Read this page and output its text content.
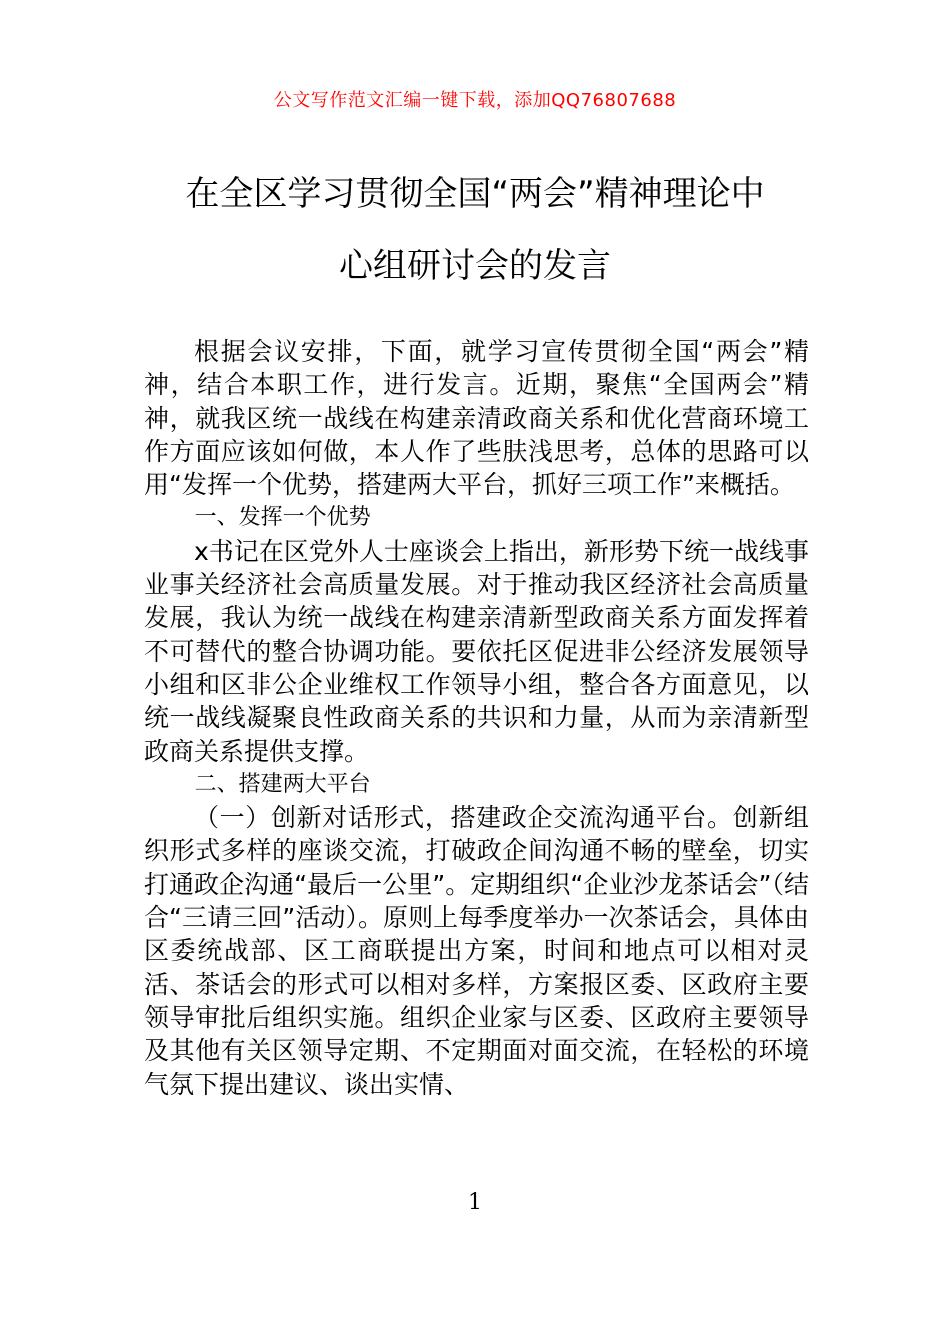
公文写作范文汇编一键下载，添加QQ76807688
在全区学习贯彻全国“两会”精神理论中
心组研讨会的发言

根据会议安排，下面，就学习宣传贯彻全国“两会”精神，结合本职工作，进行发言。近期，聚焦“全国两会”精神，就我区统一战线在构建亲清政商关系和优化营商环境工作方面应该如何做，本人作了些肤浅思考，总体的思路可以用“发挥一个优势，搭建两大平台，抓好三项工作”来概括。

一、发挥一个优势

x书记在区党外人士座谈会上指出，新形势下统一战线事业事关经济社会高质量发展。对于推动我区经济社会高质量发展，我认为统一战线在构建亲清新型政商关系方面发挥着不可替代的整合协调功能。要依托区促进非公经济发展领导小组和区非公企业维权工作领导小组，整合各方面意见，以统一战线凝聚良性政商关系的共识和力量，从而为亲清新型政商关系提供支撑。

二、搭建两大平台

（一）创新对话形式，搭建政企交流沟通平台。创新组织形式多样的座谈交流，打破政企间沟通不畅的壁垒，切实打通政企沟通“最后一公里”。定期组织“企业沙龙茶话会”（结合“三请三回”活动）。原则上每季度举办一次茶话会，具体由区委统战部、区工商联提出方案，时间和地点可以相对灵活、茶话会的形式可以相对多样，方案报区委、区政府主要领导审批后组织实施。组织企业家与区委、区政府主要领导及其他有关区领导定期、不定期面对面交流，在轻松的环境气氛下提出建议、谈出实情、

1
